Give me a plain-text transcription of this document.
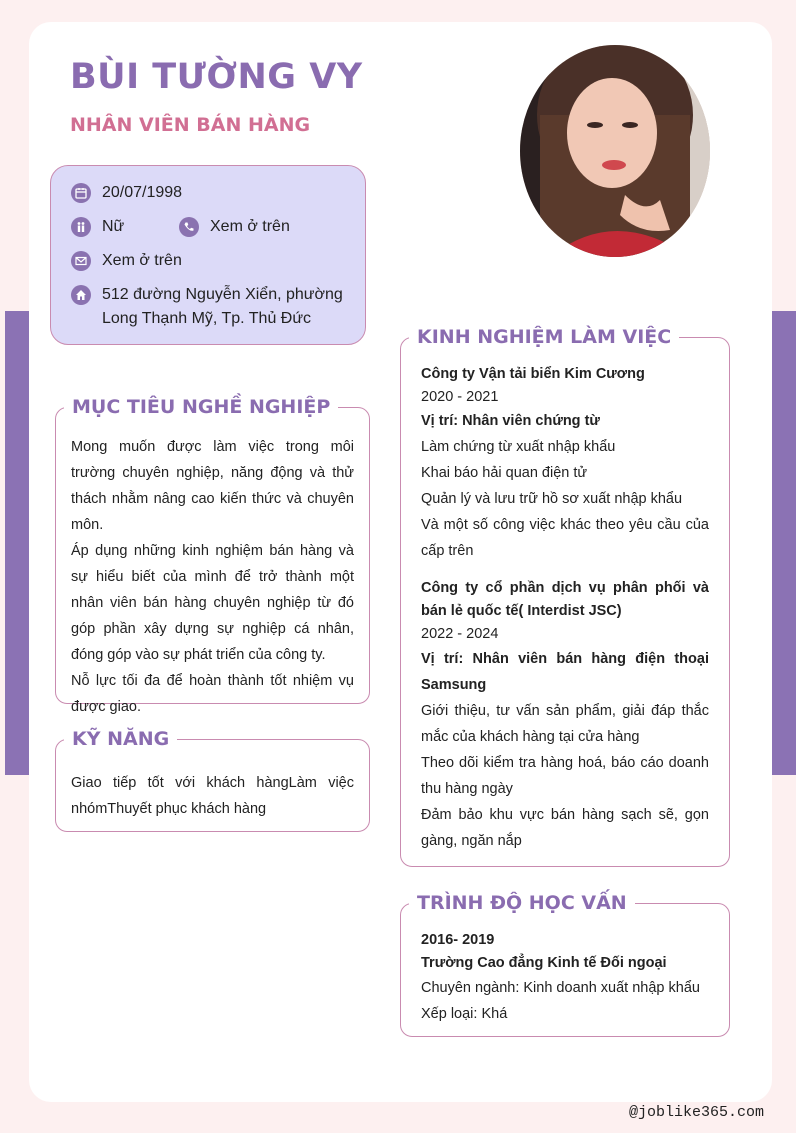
BÙI TƯỜNG VY
NHÂN VIÊN BÁN HÀNG
20/07/1998
Nữ	Xem ở trên
Xem ở trên
512 đường Nguyễn Xiển, phường
Long Thạnh Mỹ, Tp. Thủ Đức
MỤC TIÊU NGHỀ NGHIỆP

Mong muốn được làm việc trong môi trường chuyên nghiệp, năng động và thử thách nhằm nâng cao kiến thức và chuyên môn.

Áp dụng những kinh nghiệm bán hàng và sự hiểu biết của mình để trở thành một nhân viên bán hàng chuyên nghiệp từ đó góp phần xây dựng sự nghiệp cá nhân, đóng góp vào sự phát triển của công ty.

Nỗ lực tối đa để hoàn thành tốt nhiệm vụ được giao.

KỸ NĂNG

Giao tiếp tốt với khách hàngLàm việc nhómThuyết phục khách hàng

KINH NGHIỆM LÀM VIỆC

Công ty Vận tải biển Kim Cương

2020 - 2021

Vị trí: Nhân viên chứng từ

Làm chứng từ xuất nhập khẩu

Khai báo hải quan điện tử

Quản lý và lưu trữ hồ sơ xuất nhập khẩu

Và một số công việc khác theo yêu cầu của cấp trên

Công ty cổ phần dịch vụ phân phối và bán lẻ quốc tế( Interdist JSC)

2022 - 2024

Vị trí: Nhân viên bán hàng điện thoại Samsung

Giới thiệu, tư vấn sản phẩm, giải đáp thắc mắc của khách hàng tại cửa hàng

Theo dõi kiểm tra hàng hoá, báo cáo doanh thu hàng ngày

Đảm bảo khu vực bán hàng sạch sẽ, gọn gàng, ngăn nắp

TRÌNH ĐỘ HỌC VẤN

2016- 2019

Trường Cao đẳng Kinh tế Đối ngoại

Chuyên ngành: Kinh doanh xuất nhập khẩu

Xếp loại: Khá

@joblike365.com
